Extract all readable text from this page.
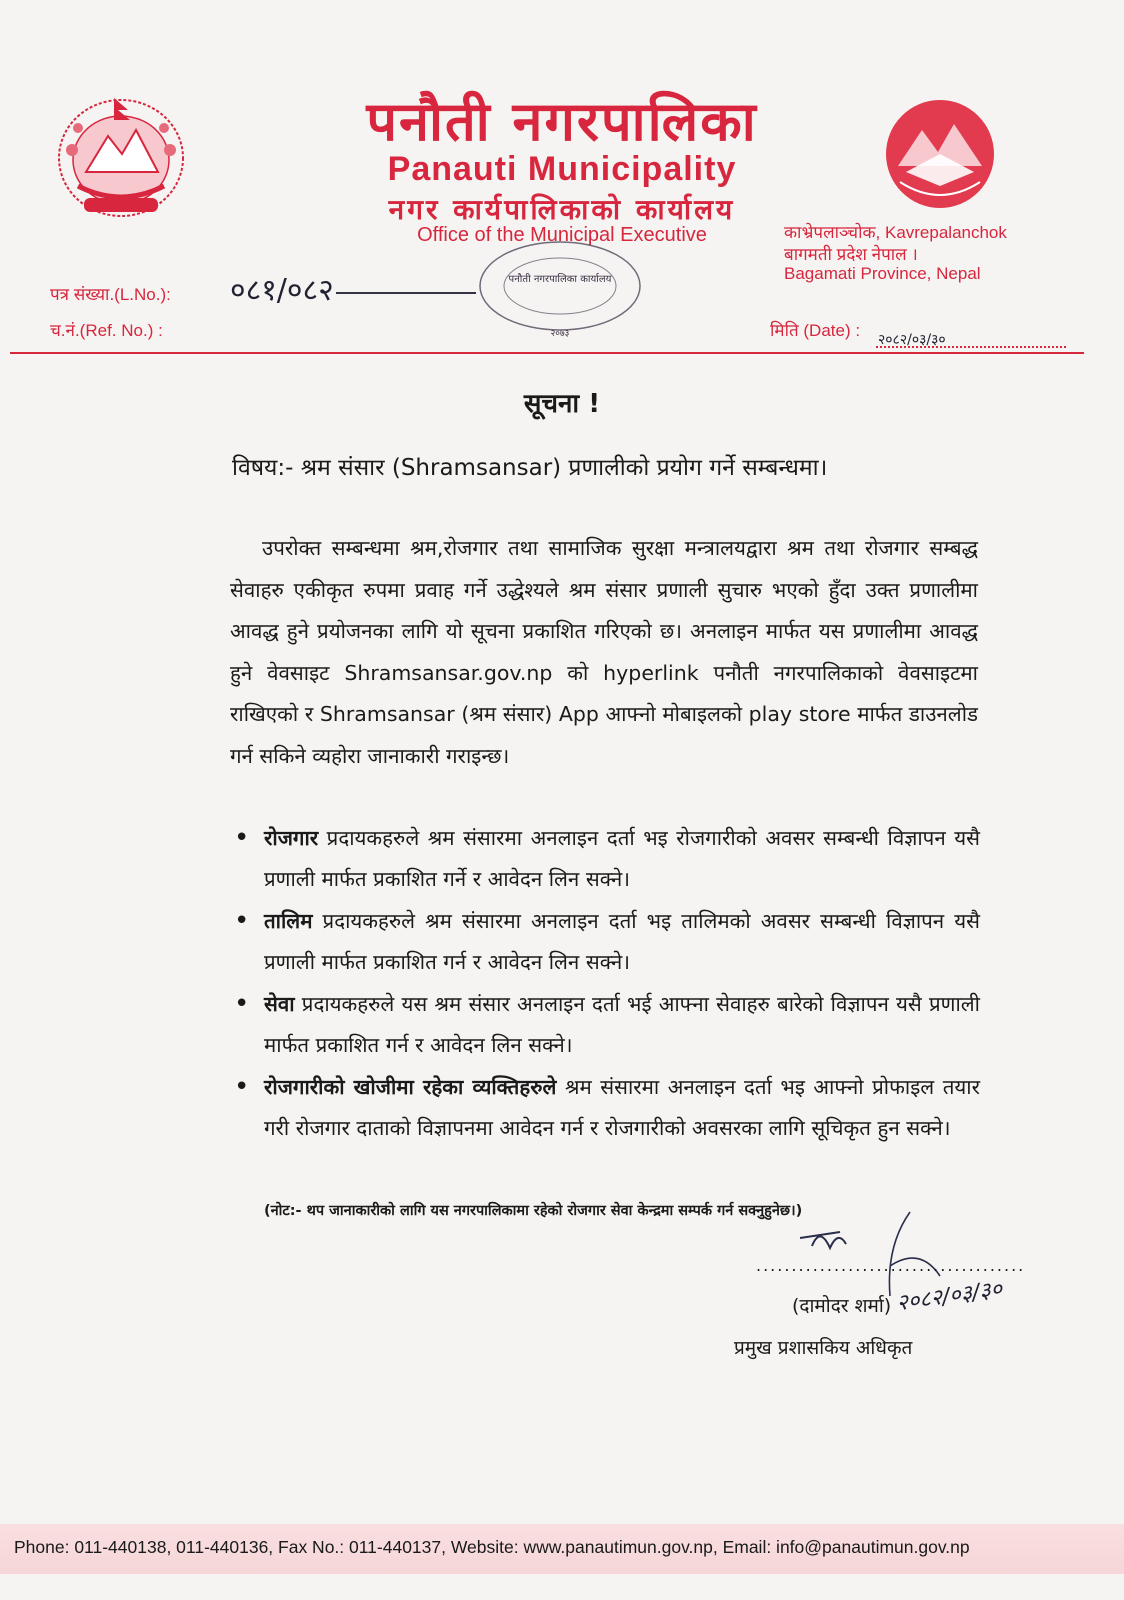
पनौती नगरपालिका
Panauti Municipality
नगर कार्यपालिकाको कार्यालय
Office of the Municipal Executive	काभ्रेपलाञ्चोक, Kavrepalanchok
बागमती प्रदेश नेपाल ।
Bagamati Province, Nepal
पत्र संख्या.(L.No.): ०८१/०८२
च.नं.(Ref. No.) :
पनौती नगरपालिका कार्यालय
२०७३	मिति (Date) : २०८२/०३/३०
सूचना !
विषय:- श्रम संसार (Shramsansar) प्रणालीको प्रयोग गर्ने सम्बन्धमा।
उपरोक्त सम्बन्धमा श्रम,रोजगार तथा सामाजिक सुरक्षा मन्त्रालयद्वारा श्रम तथा रोजगार सम्बद्ध सेवाहरु एकीकृत रुपमा प्रवाह गर्ने उद्धेश्यले श्रम संसार प्रणाली सुचारु भएको हुँदा उक्त प्रणालीमा आवद्ध हुने प्रयोजनका लागि यो सूचना प्रकाशित गरिएको छ। अनलाइन मार्फत यस प्रणालीमा आवद्ध हुने वेवसाइट Shramsansar.gov.np को hyperlink पनौती नगरपालिकाको वेवसाइटमा राखिएको र Shramsansar (श्रम संसार) App आफ्नो मोबाइलको play store मार्फत डाउनलोड गर्न सकिने व्यहोरा जानाकारी गराइन्छ।
• रोजगार प्रदायकहरुले श्रम संसारमा अनलाइन दर्ता भइ रोजगारीको अवसर सम्बन्धी विज्ञापन यसै प्रणाली मार्फत प्रकाशित गर्ने र आवेदन लिन सक्ने।
• तालिम प्रदायकहरुले श्रम संसारमा अनलाइन दर्ता भइ तालिमको अवसर सम्बन्धी विज्ञापन यसै प्रणाली मार्फत प्रकाशित गर्न र आवेदन लिन सक्ने।
• सेवा प्रदायकहरुले यस श्रम संसार अनलाइन दर्ता भई आफ्ना सेवाहरु बारेको विज्ञापन यसै प्रणाली मार्फत प्रकाशित गर्न र आवेदन लिन सक्ने।
• रोजगारीको खोजीमा रहेका व्यक्तिहरुले श्रम संसारमा अनलाइन दर्ता भइ आफ्नो प्रोफाइल तयार गरी रोजगार दाताको विज्ञापनमा आवेदन गर्न र रोजगारीको अवसरका लागि सूचिकृत हुन सक्ने।
(नोट:- थप जानाकारीको लागि यस नगरपालिकामा रहेको रोजगार सेवा केन्द्रमा सम्पर्क गर्न सक्नुहुनेछ।)
......................................
(दामोदर शर्मा) २०८२/०३/३०
प्रमुख प्रशासकिय अधिकृत
Phone: 011-440138, 011-440136, Fax No.: 011-440137, Website: www.panautimun.gov.np, Email: info@panautimun.gov.np
